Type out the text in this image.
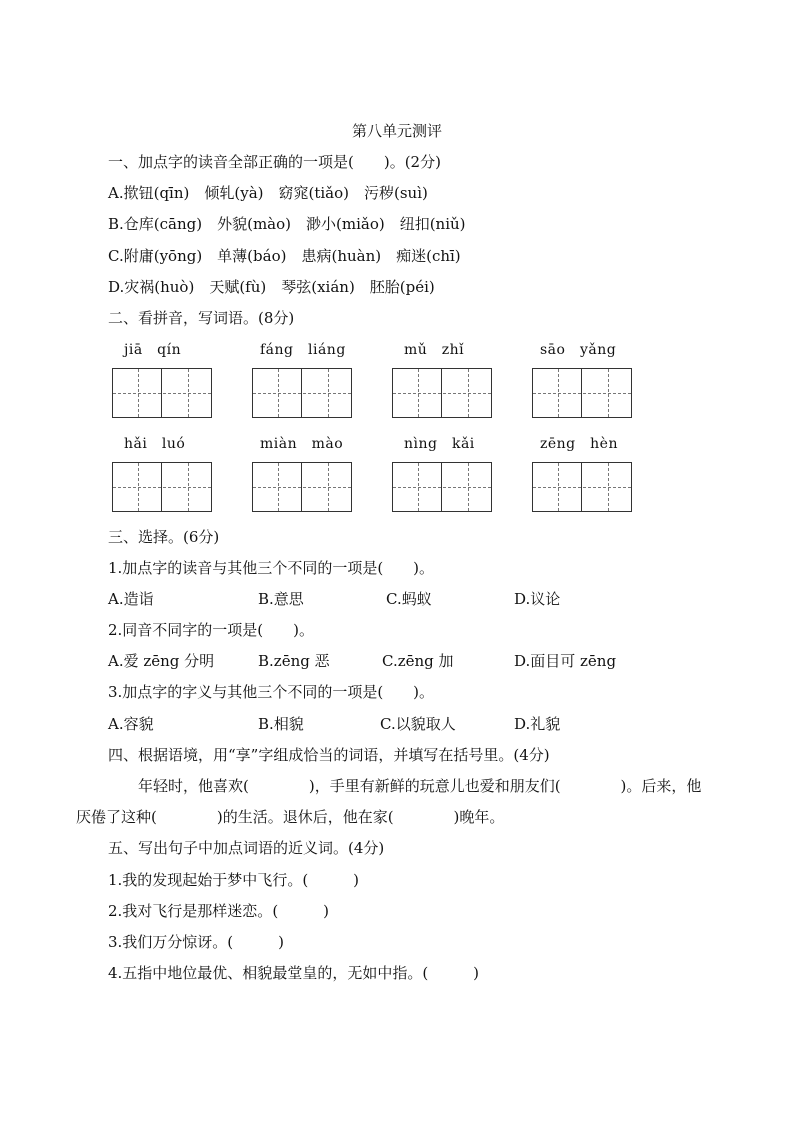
第八单元测评
一、加点字的读音全部正确的一项是(　　)。(2分)
A.揿钮(qīn)　倾轧(yà)　窈窕(tiǎo)　污秽(suì)
B.仓库(cāng)　外貌(mào)　渺小(miǎo)　纽扣(niǔ)
C.附庸(yōng)　单薄(báo)　患病(huàn)　痴迷(chī)
D.灾祸(huò)　天赋(fù)　琴弦(xián)　胚胎(péi)
二、看拼音，写词语。(8分)
jiā　qín	fáng　liáng	mǔ　zhǐ	sāo　yǎng
hǎi　luó	miàn　mào	nìng　kǎi	zēng　hèn
三、选择。(6分)
1.加点字的读音与其他三个不同的一项是(　　)。
A.造诣	B.意思	C.蚂蚁	D.议论
2.同音不同字的一项是(　　)。
A.爱 zēng 分明	B.zēng 恶	C.zēng 加	D.面目可 zēng
3.加点字的字义与其他三个不同的一项是(　　)。
A.容貌	B.相貌	C.以貌取人	D.礼貌
四、根据语境，用“享”字组成恰当的词语，并填写在括号里。(4分)
年轻时，他喜欢(　　　　)，手里有新鲜的玩意儿也爱和朋友们(　　　　)。后来，他
厌倦了这种(　　　　)的生活。退休后，他在家(　　　　)晚年。
五、写出句子中加点词语的近义词。(4分)
1.我的发现起始于梦中飞行。(　　　)
2.我对飞行是那样迷恋。(　　　)
3.我们万分惊讶。(　　　)
4.五指中地位最优、相貌最堂皇的，无如中指。(　　　)
